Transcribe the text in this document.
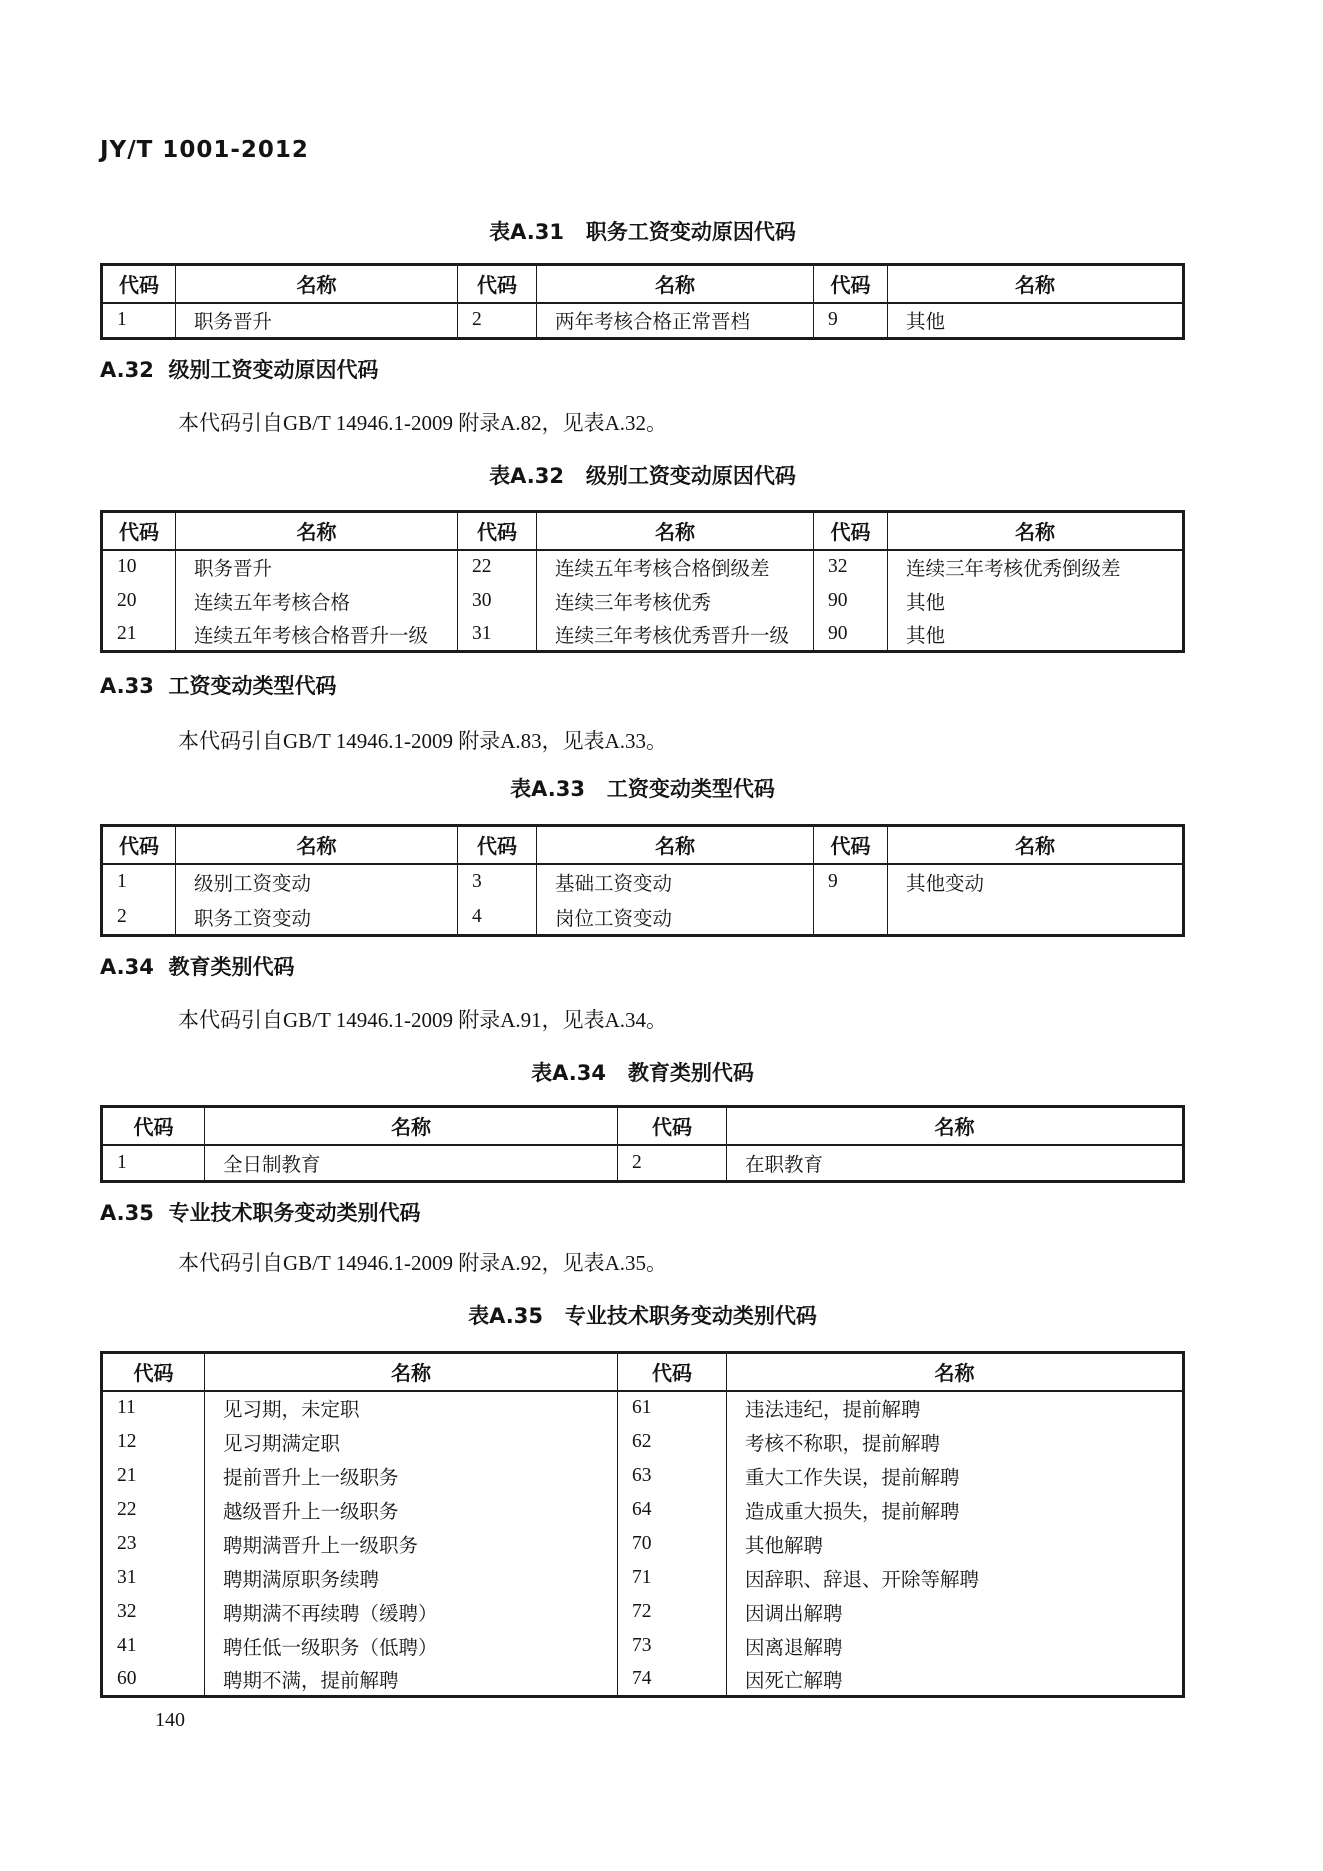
JY/T 1001-2012
表A.31   职务工资变动原因代码
代码	名称	代码	名称	代码	名称
1	职务晋升	2	两年考核合格正常晋档	9	其他
A.32  级别工资变动原因代码
本代码引自GB/T 14946.1-2009 附录A.82，见表A.32。
表A.32   级别工资变动原因代码
代码	名称	代码	名称	代码	名称
10	职务晋升	22	连续五年考核合格倒级差	32	连续三年考核优秀倒级差
20	连续五年考核合格	30	连续三年考核优秀	90	其他
21	连续五年考核合格晋升一级	31	连续三年考核优秀晋升一级	90	其他
A.33  工资变动类型代码
本代码引自GB/T 14946.1-2009 附录A.83，见表A.33。
表A.33   工资变动类型代码
代码	名称	代码	名称	代码	名称
1	级别工资变动	3	基础工资变动	9	其他变动
2	职务工资变动	4	岗位工资变动		
A.34  教育类别代码
本代码引自GB/T 14946.1-2009 附录A.91，见表A.34。
表A.34   教育类别代码
代码	名称	代码	名称
1	全日制教育	2	在职教育
A.35  专业技术职务变动类别代码
本代码引自GB/T 14946.1-2009 附录A.92，见表A.35。
表A.35   专业技术职务变动类别代码
代码	名称	代码	名称
11	见习期，未定职	61	违法违纪，提前解聘
12	见习期满定职	62	考核不称职，提前解聘
21	提前晋升上一级职务	63	重大工作失误，提前解聘
22	越级晋升上一级职务	64	造成重大损失，提前解聘
23	聘期满晋升上一级职务	70	其他解聘
31	聘期满原职务续聘	71	因辞职、辞退、开除等解聘
32	聘期满不再续聘（缓聘）	72	因调出解聘
41	聘任低一级职务（低聘）	73	因离退解聘
60	聘期不满，提前解聘	74	因死亡解聘
140
